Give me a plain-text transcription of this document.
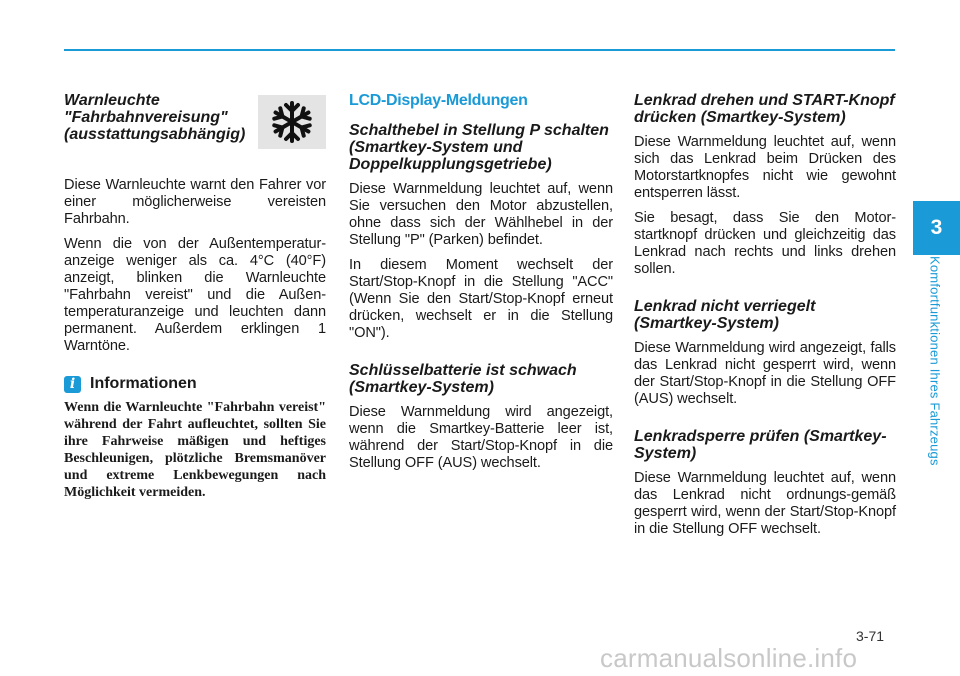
Warnleuchte "Fahrbahnvereisung" (ausstattungsabhängig)

Diese Warnleuchte warnt den Fahrer vor einer möglicherweise vereisten Fahrbahn.

Wenn die von der Außentemperatur-anzeige weniger als ca. 4°C (40°F) anzeigt, blinken die Warnleuchte "Fahrbahn vereist" und die Außen-temperaturanzeige und leuchten dann permanent. Außerdem erklingen 1 Warntöne.

i Informationen

Wenn die Warnleuchte "Fahrbahn vereist" während der Fahrt aufleuchtet, sollten Sie ihre Fahrweise mäßigen und heftiges Beschleunigen, plötzliche Bremsmanöver und extreme Lenkbewegungen nach Möglichkeit vermeiden.

LCD-Display-Meldungen

Schalthebel in Stellung P schalten (Smartkey-System und Doppelkupplungsgetriebe)

Diese Warnmeldung leuchtet auf, wenn Sie versuchen den Motor abzustellen, ohne dass sich der Wählhebel in der Stellung "P" (Parken) befindet.

In diesem Moment wechselt der Start/Stop-Knopf in die Stellung "ACC" (Wenn Sie den Start/Stop-Knopf erneut drücken, wechselt er in die Stellung "ON").

Schlüsselbatterie ist schwach (Smartkey-System)

Diese Warnmeldung wird angezeigt, wenn die Smartkey-Batterie leer ist, während der Start/Stop-Knopf in die Stellung OFF (AUS) wechselt.

Lenkrad drehen und START-Knopf drücken (Smartkey-System)

Diese Warnmeldung leuchtet auf, wenn sich das Lenkrad beim Drücken des Motorstartknopfes nicht wie gewohnt entsperren lässt.

Sie besagt, dass Sie den Motor-startknopf drücken und gleichzeitig das Lenkrad nach rechts und links drehen sollen.

Lenkrad nicht verriegelt (Smartkey-System)

Diese Warnmeldung wird angezeigt, falls das Lenkrad nicht gesperrt wird, wenn der Start/Stop-Knopf in die Stellung OFF (AUS) wechselt.

Lenkradsperre prüfen (Smartkey-System)

Diese Warnmeldung leuchtet auf, wenn das Lenkrad nicht ordnungs-gemäß gesperrt wird, wenn der Start/Stop-Knopf in die Stellung OFF wechselt.

3
Komfortfunktionen Ihres Fahrzeugs
3-71
carmanualsonline.info
